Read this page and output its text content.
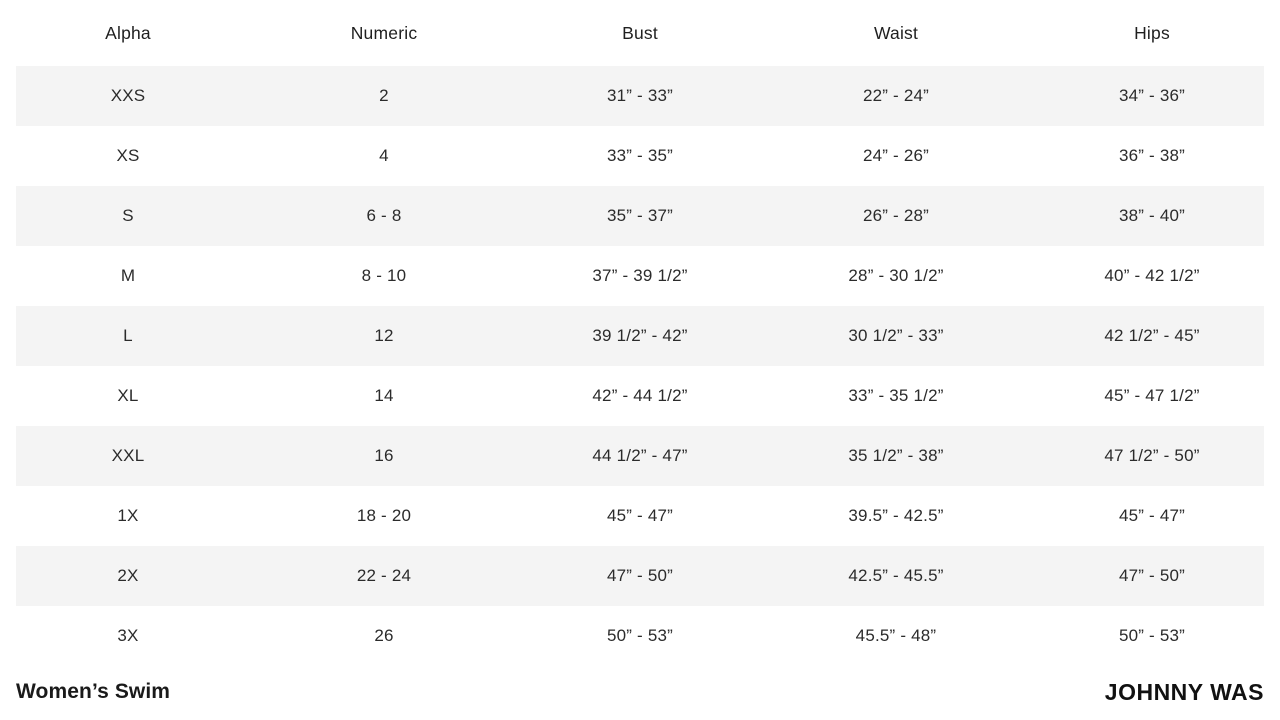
Alpha	Numeric	Bust	Waist	Hips
XXS	2	31” - 33”	22” - 24”	34” - 36”
XS	4	33” - 35”	24” - 26”	36” - 38”
S	6 - 8	35” - 37”	26” - 28”	38” - 40”
M	8 - 10	37” - 39 1/2”	28” - 30 1/2”	40” - 42 1/2”
L	12	39 1/2” - 42”	30 1/2” - 33”	42 1/2” - 45”
XL	14	42” - 44 1/2”	33” - 35 1/2”	45” - 47 1/2”
XXL	16	44 1/2” - 47”	35 1/2” - 38”	47 1/2” - 50”
1X	18 - 20	45” - 47”	39.5” - 42.5”	45” - 47”
2X	22 - 24	47” - 50”	42.5” - 45.5”	47” - 50”
3X	26	50” - 53”	45.5” - 48”	50” - 53”
Women’s Swim	JOHNNY WAS
